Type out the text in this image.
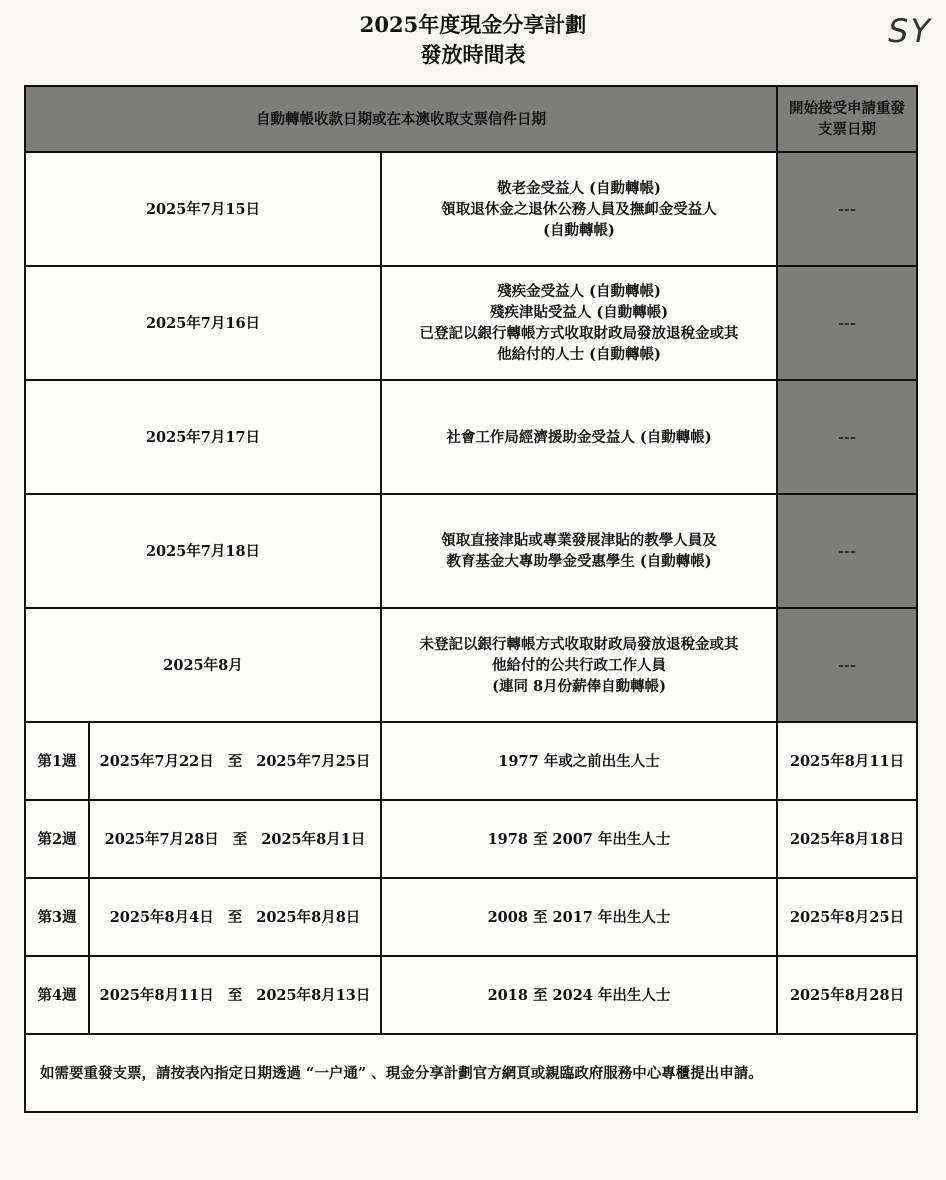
2025年度現金分享計劃
發放時間表
SY
自動轉帳收款日期或在本澳收取支票信件日期			開始接受申請重發支票日期
2025年7月15日		敬老金受益人 (自動轉帳)
領取退休金之退休公務人員及撫卹金受益人
(自動轉帳)	---
2025年7月16日		殘疾金受益人 (自動轉帳)
殘疾津貼受益人 (自動轉帳)
已登記以銀行轉帳方式收取財政局發放退稅金或其
他給付的人士 (自動轉帳)	---
2025年7月17日		社會工作局經濟援助金受益人 (自動轉帳)	---
2025年7月18日		領取直接津貼或專業發展津貼的教學人員及
教育基金大專助學金受惠學生 (自動轉帳)	---
2025年8月		未登記以銀行轉帳方式收取財政局發放退稅金或其
他給付的公共行政工作人員
(連同 8月份薪俸自動轉帳)	---
第1週	2025年7月22日 至 2025年7月25日	1977 年或之前出生人士	2025年8月11日
第2週	2025年7月28日 至 2025年8月1日	1978 至 2007 年出生人士	2025年8月18日
第3週	2025年8月4日 至 2025年8月8日	2008 至 2017 年出生人士	2025年8月25日
第4週	2025年8月11日 至 2025年8月13日	2018 至 2024 年出生人士	2025年8月28日
如需要重發支票，請按表內指定日期透過 “一户通” 、現金分享計劃官方網頁或親臨政府服務中心專櫃提出申請。			
